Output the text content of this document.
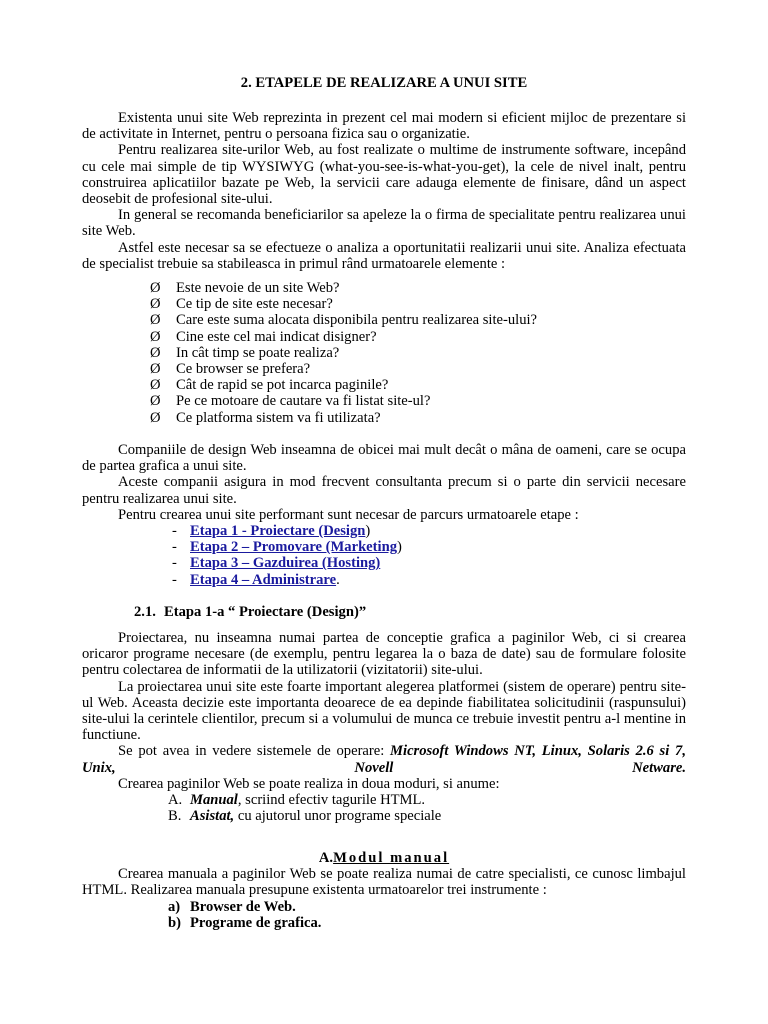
2. ETAPELE DE REALIZARE A UNUI SITE

Existenta unui site Web reprezinta in prezent cel mai modern si eficient mijloc de prezentare si de activitate in Internet, pentru o persoana fizica sau o organizatie.

Pentru realizarea site-urilor Web, au fost realizate o multime de instrumente software, incepând cu cele mai simple de tip WYSIWYG (what-you-see-is-what-you-get), la cele de nivel inalt, pentru construirea aplicatiilor bazate pe Web, la servicii care adauga elemente de finisare, dând un aspect deosebit de profesional site-ului.

In general se recomanda beneficiarilor sa apeleze la o firma de specialitate pentru realizarea unui site Web.

Astfel este necesar sa se efectueze o analiza a oportunitatii realizarii unui site. Analiza efectuata de specialist trebuie sa stabileasca in primul rând urmatoarele elemente :

Ø Este nevoie de un site Web?
Ø Ce tip de site este necesar?
Ø Care este suma alocata disponibila pentru realizarea site-ului?
Ø Cine este cel mai indicat disigner?
Ø In cât timp se poate realiza?
Ø Ce browser se prefera?
Ø Cât de rapid se pot incarca paginile?
Ø Pe ce motoare de cautare va fi listat site-ul?
Ø Ce platforma sistem va fi utilizata?

Companiile de design Web inseamna de obicei mai mult decât o mâna de oameni, care se ocupa de partea grafica a unui site.

Aceste companii asigura in mod frecvent consultanta precum si o parte din servicii necesare pentru realizarea unui site.

Pentru crearea unui site performant sunt necesar de parcurs urmatoarele etape :

- Etapa 1 - Proiectare (Design)
- Etapa 2 – Promovare (Marketing)
- Etapa 3 – Gazduirea (Hosting)
- Etapa 4 – Administrare.
2.1. Etapa 1-a “ Proiectare (Design)”

Proiectarea, nu inseamna numai partea de conceptie grafica a paginilor Web, ci si crearea oricaror programe necesare (de exemplu, pentru legarea la o baza de date) sau de formulare folosite pentru colectarea de informatii de la utilizatorii (vizitatorii) site-ului.

La proiectarea unui site este foarte important alegerea platformei (sistem de operare) pentru site-ul Web. Aceasta decizie este importanta deoarece de ea depinde fiabilitatea solicitudinii (raspunsului) site-ului la cerintele clientilor, precum si a volumului de munca ce trebuie investit pentru a-l mentine in functiune.

Se pot avea in vedere sistemele de operare: Microsoft Windows NT, Linux, Solaris 2.6 si 7, Unix, Novell Netware.

Crearea paginilor Web se poate realiza in doua moduri, si anume:

A. Manual, scriind efectiv tagurile HTML.
B. Asistat, cu ajutorul unor programe speciale
A.Modul manual

Crearea manuala a paginilor Web se poate realiza numai de catre specialisti, ce cunosc limbajul HTML. Realizarea manuala presupune existenta urmatoarelor trei instrumente :

a) Browser de Web.
b) Programe de grafica.
